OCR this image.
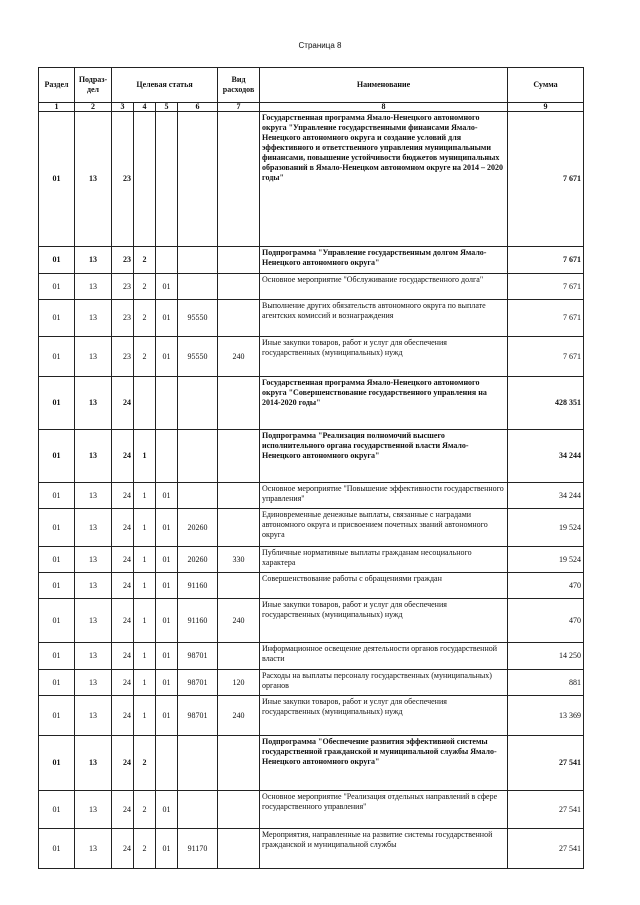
Страница 8
Раздел	Подраз-дел	Целевая статья				Вид расходов	Наименование	Сумма
1	2	3	4	5	6	7	8	9
01	13	23					Государственная программа Ямало-Ненецкого автономного округа "Управление государственными финансами Ямало-Ненецкого автономного округа и создание условий для эффективного и ответственного управления муниципальными финансами, повышение устойчивости бюджетов муниципальных образований в Ямало-Ненецком автономном округе на 2014 – 2020 годы"	7 671
01	13	23	2				Подпрограмма "Управление государственным долгом Ямало-Ненецкого автономного округа"	7 671
01	13	23	2	01			Основное мероприятие "Обслуживание государственного долга"	7 671
01	13	23	2	01	95550		Выполнение других обязательств автономного округа по выплате агентских комиссий и вознаграждения	7 671
01	13	23	2	01	95550	240	Иные закупки товаров, работ и услуг для обеспечения государственных (муниципальных) нужд	7 671
01	13	24					Государственная программа Ямало-Ненецкого автономного округа "Совершенствование государственного управления на 2014-2020 годы"	428 351
01	13	24	1				Подпрограмма "Реализация полномочий высшего исполнительного органа государственной власти Ямало-Ненецкого автономного округа"	34 244
01	13	24	1	01			Основное мероприятие "Повышение эффективности государственного управления"	34 244
01	13	24	1	01	20260		Единовременные денежные выплаты, связанные с наградами автономного округа и присвоением почетных званий автономного округа	19 524
01	13	24	1	01	20260	330	Публичные нормативные выплаты гражданам несоциального характера	19 524
01	13	24	1	01	91160		Совершенствование работы с обращениями граждан	470
01	13	24	1	01	91160	240	Иные закупки товаров, работ и услуг для обеспечения государственных (муниципальных) нужд	470
01	13	24	1	01	98701		Информационное освещение деятельности органов государственной власти	14 250
01	13	24	1	01	98701	120	Расходы на выплаты персоналу государственных (муниципальных) органов	881
01	13	24	1	01	98701	240	Иные закупки товаров, работ и услуг для обеспечения государственных (муниципальных) нужд	13 369
01	13	24	2				Подпрограмма "Обеспечение развития эффективной системы государственной гражданской и муниципальной службы Ямало-Ненецкого автономного округа"	27 541
01	13	24	2	01			Основное мероприятие "Реализация отдельных направлений в сфере государственного управления"	27 541
01	13	24	2	01	91170		Мероприятия, направленные на развитие системы государственной гражданской и муниципальной службы	27 541
